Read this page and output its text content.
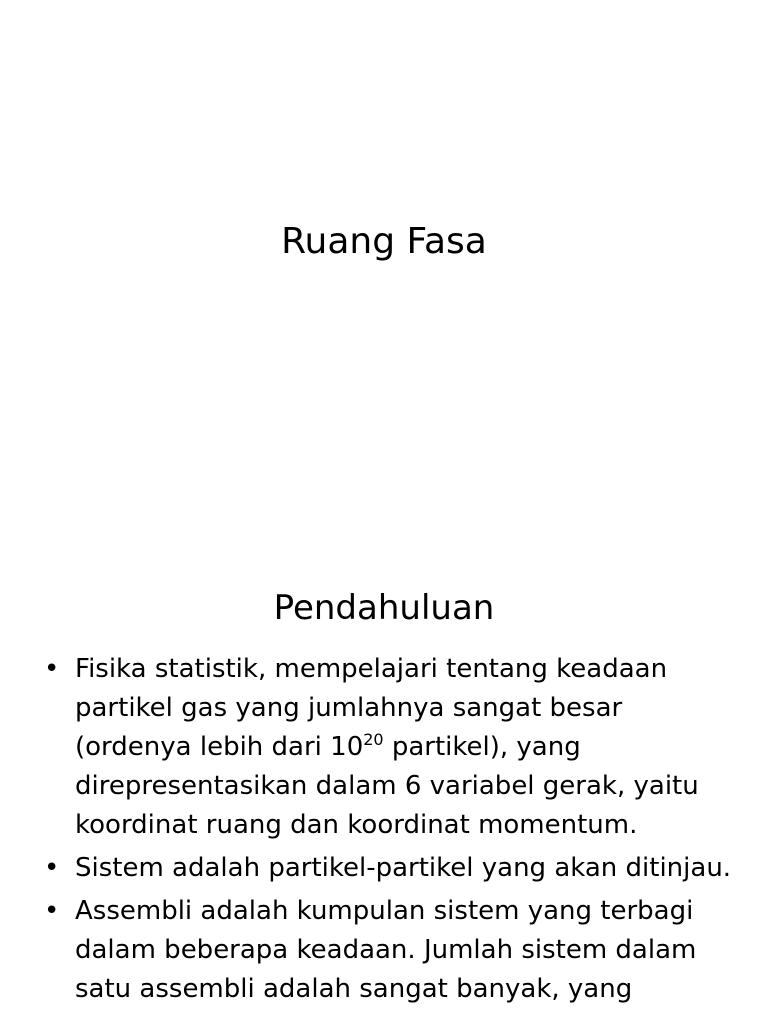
Ruang Fasa
Pendahuluan
• Fisika statistik, mempelajari tentang keadaan partikel gas yang jumlahnya sangat besar (ordenya lebih dari $10^{20}$ partikel), yang direpresentasikan dalam 6 variabel gerak, yaitu koordinat ruang dan koordinat momentum.
• Sistem adalah partikel-partikel yang akan ditinjau.
• Assembli adalah kumpulan sistem yang terbagi dalam beberapa keadaan. Jumlah sistem dalam satu assembli adalah sangat banyak, yang
